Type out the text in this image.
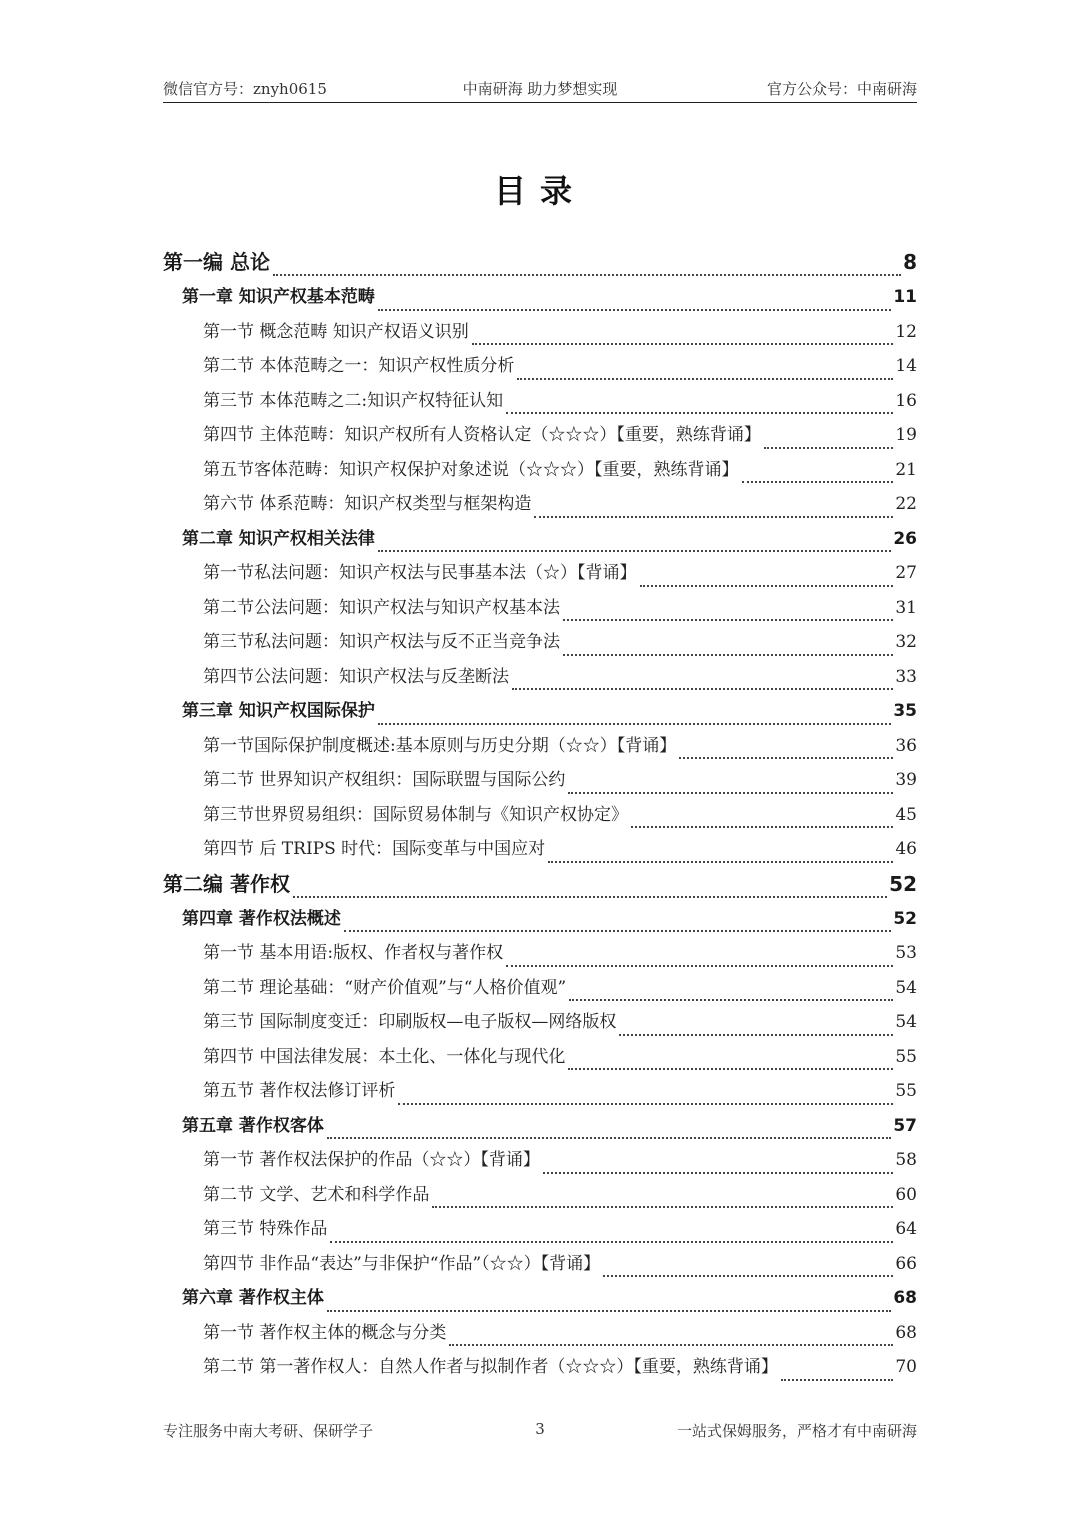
微信官方号：znyh0615	中南研海 助力梦想实现	官方公众号：中南研海
目录
第一编 总论	8
第一章 知识产权基本范畴	11
第一节 概念范畴 知识产权语义识别	12
第二节 本体范畴之一：知识产权性质分析	14
第三节 本体范畴之二:知识产权特征认知	16
第四节 主体范畴：知识产权所有人资格认定（☆☆☆）【重要，熟练背诵】	19
第五节客体范畴：知识产权保护对象述说（☆☆☆）【重要，熟练背诵】	21
第六节 体系范畴：知识产权类型与框架构造	22
第二章 知识产权相关法律	26
第一节私法问题：知识产权法与民事基本法（☆）【背诵】	27
第二节公法问题：知识产权法与知识产权基本法	31
第三节私法问题：知识产权法与反不正当竞争法	32
第四节公法问题：知识产权法与反垄断法	33
第三章 知识产权国际保护	35
第一节国际保护制度概述:基本原则与历史分期（☆☆）【背诵】	36
第二节 世界知识产权组织：国际联盟与国际公约	39
第三节世界贸易组织：国际贸易体制与《知识产权协定》	45
第四节 后 TRIPS 时代：国际变革与中国应对	46
第二编 著作权	52
第四章 著作权法概述	52
第一节 基本用语:版权、作者权与著作权	53
第二节 理论基础：“财产价值观”与“人格价值观”	54
第三节 国际制度变迁：印刷版权—电子版权—网络版权	54
第四节 中国法律发展：本土化、一体化与现代化	55
第五节 著作权法修订评析	55
第五章 著作权客体	57
第一节 著作权法保护的作品（☆☆）【背诵】	58
第二节 文学、艺术和科学作品	60
第三节 特殊作品	64
第四节 非作品“表达”与非保护“作品”（☆☆）【背诵】	66
第六章 著作权主体	68
第一节 著作权主体的概念与分类	68
第二节 第一著作权人：自然人作者与拟制作者（☆☆☆）【重要，熟练背诵】	70
专注服务中南大考研、保研学子	3	一站式保姆服务，严格才有中南研海
